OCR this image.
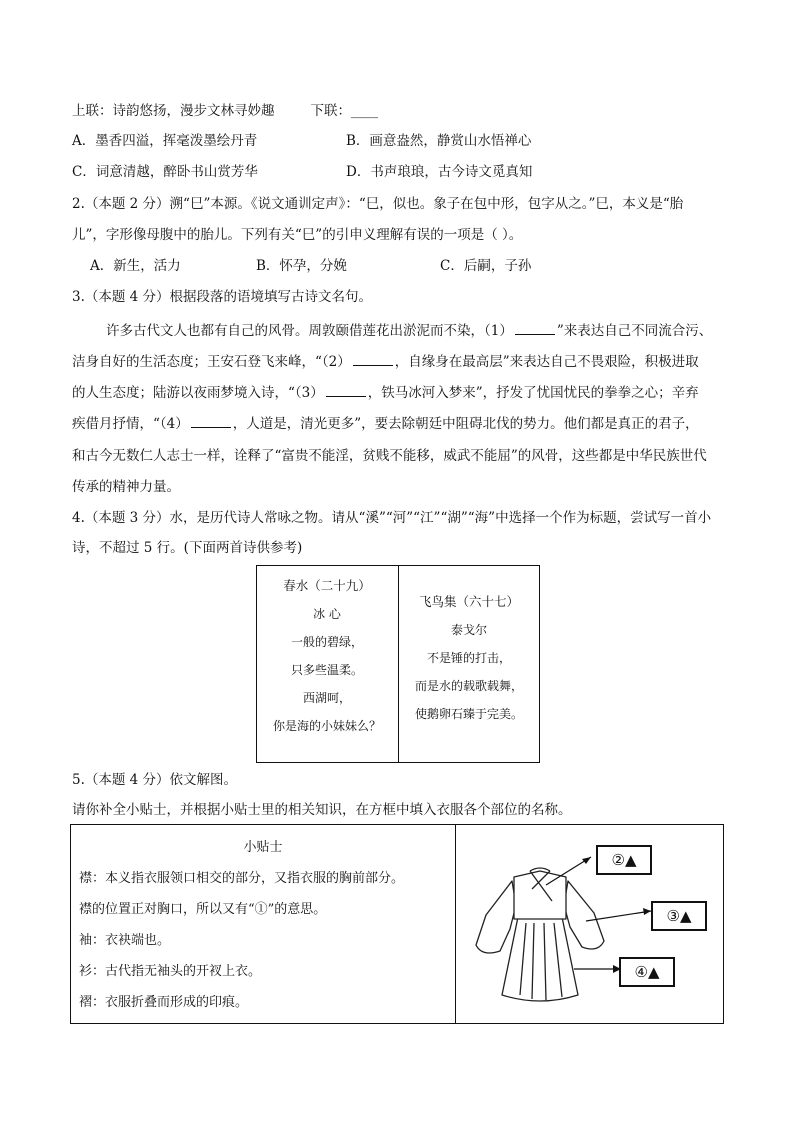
上联：诗韵悠扬，漫步文林寻妙趣	下联：____
A．墨香四溢，挥毫泼墨绘丹青	B．画意盎然，静赏山水悟禅心
C．词意清越，醉卧书山赏芳华	D．书声琅琅，古今诗文觅真知
2.（本题 2 分）溯“巳”本源。《说文通训定声》：“巳，似也。象子在包中形，包字从之。”巳，本义是“胎
儿”，字形像母腹中的胎儿。下列有关“巳”的引申义理解有误的一项是（ ）。
A．新生，活力	B．怀孕，分娩	C．后嗣，子孙
3.（本题 4 分）根据段落的语境填写古诗文名句。
许多古代文人也都有自己的风骨。周敦颐借莲花出淤泥而不染，（1）	”来表达自己不同流合污、
洁身自好的生活态度；王安石登飞来峰，“（2）	，自缘身在最高层”来表达自己不畏艰险，积极进取
的人生态度；陆游以夜雨梦境入诗，“（3）	，铁马冰河入梦来”，抒发了忧国忧民的拳拳之心；辛弃
疾借月抒情，“（4）	，人道是，清光更多”，要去除朝廷中阻碍北伐的势力。他们都是真正的君子，
和古今无数仁人志士一样，诠释了“富贵不能淫，贫贱不能移，威武不能屈”的风骨，这些都是中华民族世代
传承的精神力量。
4.（本题 3 分）水，是历代诗人常咏之物。请从“溪”“河”“江”“湖”“海”中选择一个作为标题，尝试写一首小
诗，不超过 5 行。(下面两首诗供参考)
春水（二十九）
冰 心
一般的碧绿，
只多些温柔。
西湖呵，
你是海的小妹妹么？
飞鸟集（六十七）
泰戈尔
不是锤的打击，
而是水的载歌载舞，
使鹅卵石臻于完美。
5.（本题 4 分）依文解图。
请你补全小贴士，并根据小贴士里的相关知识，在方框中填入衣服各个部位的名称。
小贴士
襟：本义指衣服领口相交的部分，又指衣服的胸前部分。
襟的位置正对胸口，所以又有“①”的意思。
袖：衣袂端也。
衫：古代指无袖头的开衩上衣。
褶：衣服折叠而形成的印痕。
②▲
③▲
④▲
